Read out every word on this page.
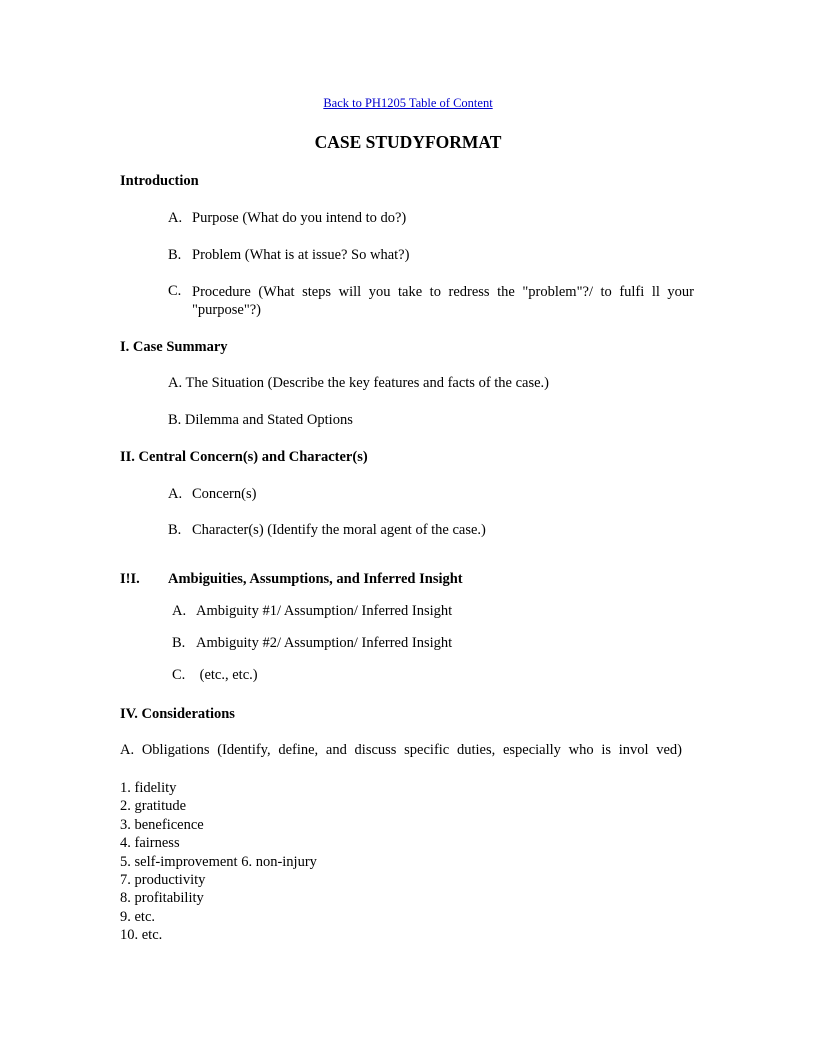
Back to PH1205 Table of Content
CASE STUDYFORMAT
Introduction
A. Purpose (What do you intend to do?)
B. Problem (What is at issue? So what?)
C. Procedure (What steps will you take to redress the "problem"?/ to fulfi ll your
"purpose"?)
I. Case Summary
A. The Situation (Describe the key features and facts of the case.)
B. Dilemma and Stated Options
II. Central Concern(s) and Character(s)
A. Concern(s)
B. Character(s) (Identify the moral agent of the case.)
I!I. Ambiguities, Assumptions, and Inferred Insight
A. Ambiguity #1/ Assumption/ Inferred Insight
B. Ambiguity #2/ Assumption/ Inferred Insight
C. (etc., etc.)
IV. Considerations
A. Obligations (Identify, define, and discuss specific duties, especially who is invol ved)
1. fidelity
2. gratitude
3. beneficence
4. fairness
5. self-improvement 6. non-injury
7. productivity
8. profitability
9. etc.
10. etc.
